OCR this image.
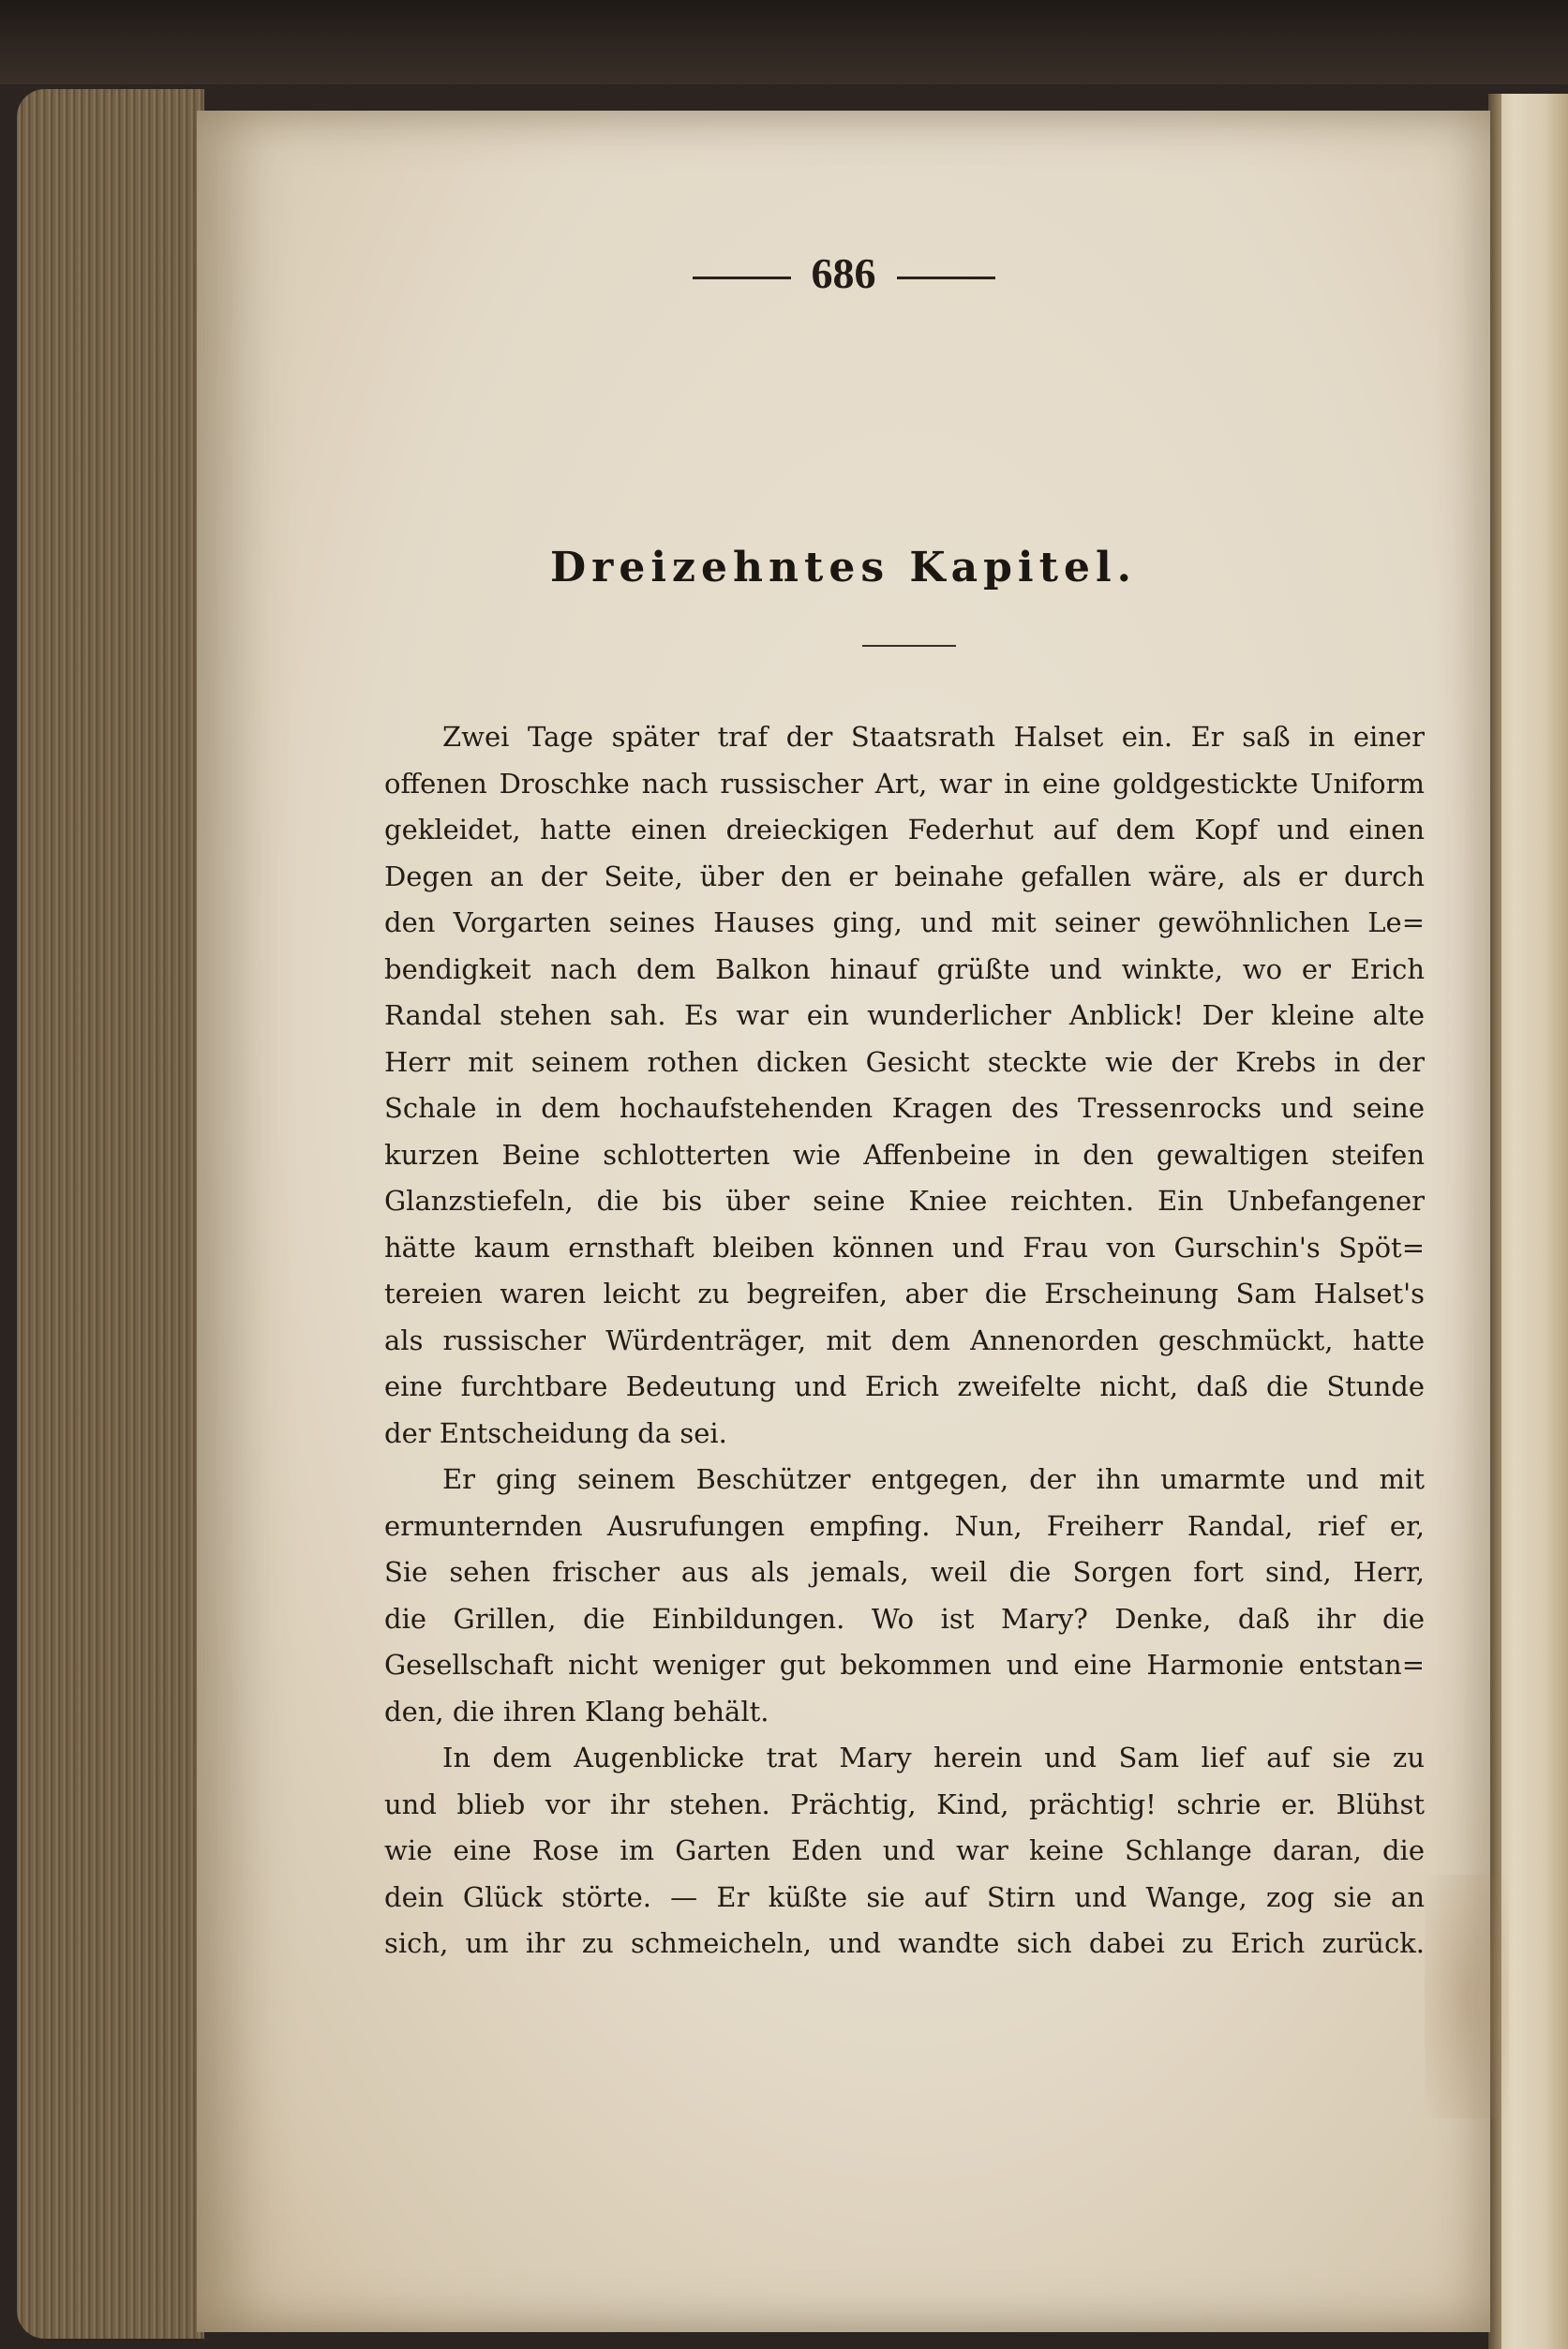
686
Dreizehntes Kapitel.
Zwei Tage später traf der Staatsrath Halset ein. Er saß in einer
offenen Droschke nach russischer Art, war in eine goldgestickte Uniform
gekleidet, hatte einen dreieckigen Federhut auf dem Kopf und einen
Degen an der Seite, über den er beinahe gefallen wäre, als er durch
den Vorgarten seines Hauses ging, und mit seiner gewöhnlichen Le=
bendigkeit nach dem Balkon hinauf grüßte und winkte, wo er Erich
Randal stehen sah. Es war ein wunderlicher Anblick! Der kleine alte
Herr mit seinem rothen dicken Gesicht steckte wie der Krebs in der
Schale in dem hochaufstehenden Kragen des Tressenrocks und seine
kurzen Beine schlotterten wie Affenbeine in den gewaltigen steifen
Glanzstiefeln, die bis über seine Kniee reichten. Ein Unbefangener
hätte kaum ernsthaft bleiben können und Frau von Gurschin's Spöt=
tereien waren leicht zu begreifen, aber die Erscheinung Sam Halset's
als russischer Würdenträger, mit dem Annenorden geschmückt, hatte
eine furchtbare Bedeutung und Erich zweifelte nicht, daß die Stunde
der Entscheidung da sei.
Er ging seinem Beschützer entgegen, der ihn umarmte und mit
ermunternden Ausrufungen empfing. Nun, Freiherr Randal, rief er,
Sie sehen frischer aus als jemals, weil die Sorgen fort sind, Herr,
die Grillen, die Einbildungen. Wo ist Mary? Denke, daß ihr die
Gesellschaft nicht weniger gut bekommen und eine Harmonie entstan=
den, die ihren Klang behält.
In dem Augenblicke trat Mary herein und Sam lief auf sie zu
und blieb vor ihr stehen. Prächtig, Kind, prächtig! schrie er. Blühst
wie eine Rose im Garten Eden und war keine Schlange daran, die
dein Glück störte. — Er küßte sie auf Stirn und Wange, zog sie an
sich, um ihr zu schmeicheln, und wandte sich dabei zu Erich zurück.
